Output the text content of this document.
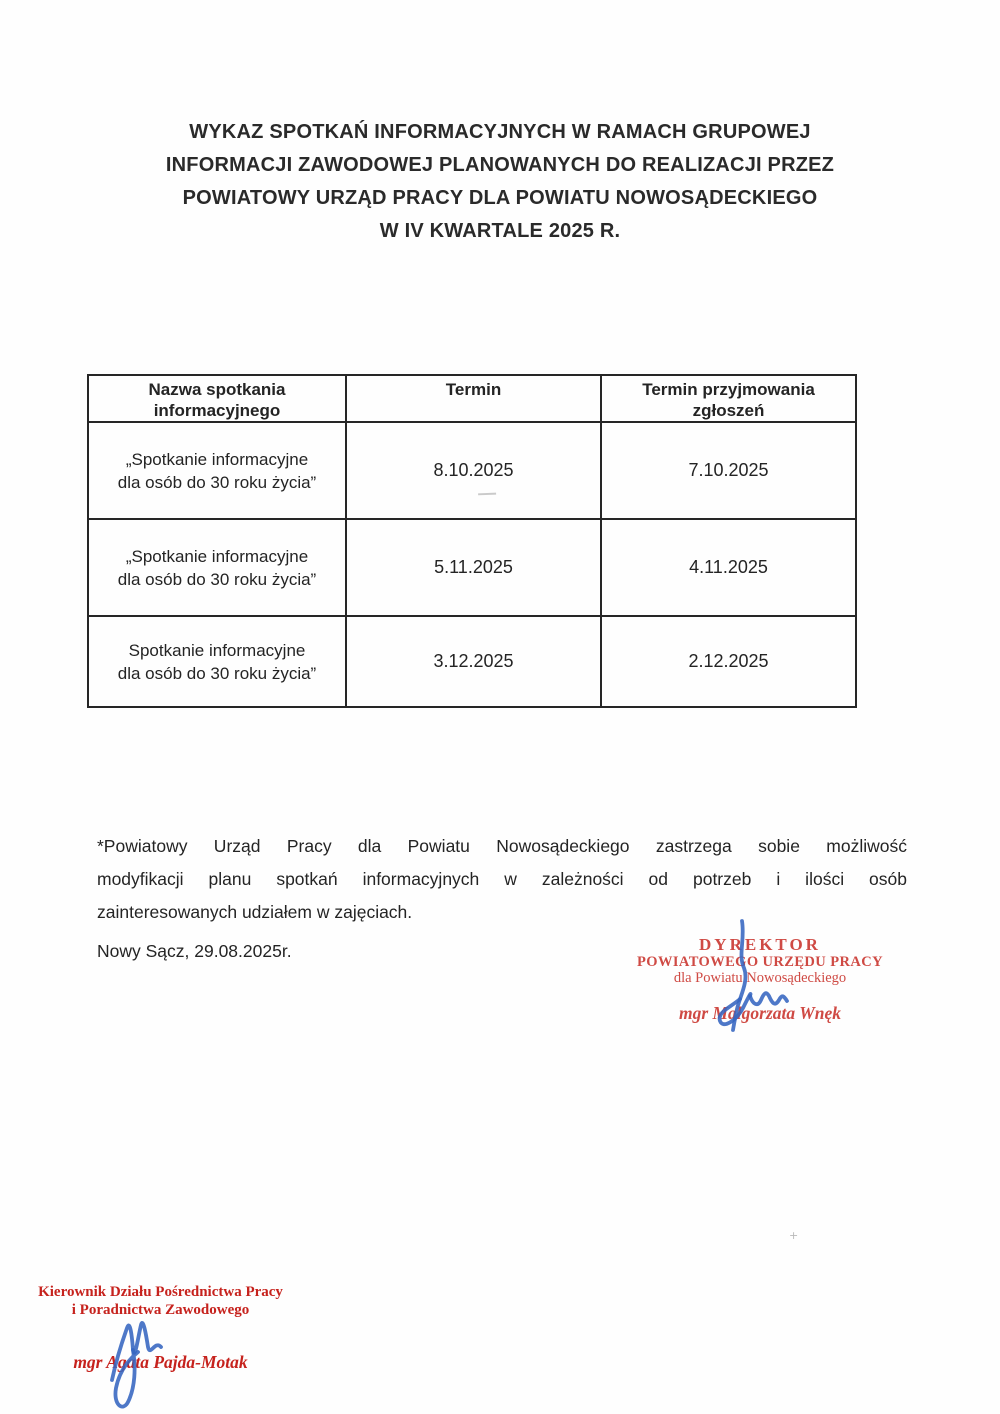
WYKAZ SPOTKAŃ INFORMACYJNYCH W RAMACH GRUPOWEJ
INFORMACJI ZAWODOWEJ PLANOWANYCH DO REALIZACJI PRZEZ
POWIATOWY URZĄD PRACY DLA POWIATU NOWOSĄDECKIEGO
W IV KWARTALE 2025 R.
Nazwa spotkania informacyjnego	Termin	Termin przyjmowania zgłoszeń
„Spotkanie informacyjne dla osób do 30 roku życia”	8.10.2025	7.10.2025
„Spotkanie informacyjne dla osób do 30 roku życia”	5.11.2025	4.11.2025
Spotkanie informacyjne dla osób do 30 roku życia”	3.12.2025	2.12.2025
*Powiatowy Urząd Pracy dla Powiatu Nowosądeckiego zastrzega sobie możliwość
modyfikacji planu spotkań informacyjnych w zależności od potrzeb i ilości osób
zainteresowanych udziałem w zajęciach.
Nowy Sącz, 29.08.2025r.	DYREKTOR
POWIATOWEGO URZĘDU PRACY
dla Powiatu Nowosądeckiego
mgr Małgorzata Wnęk
Kierownik Działu Pośrednictwa Pracy
i Poradnictwa Zawodowego
mgr Agata Pajda-Motak
+
